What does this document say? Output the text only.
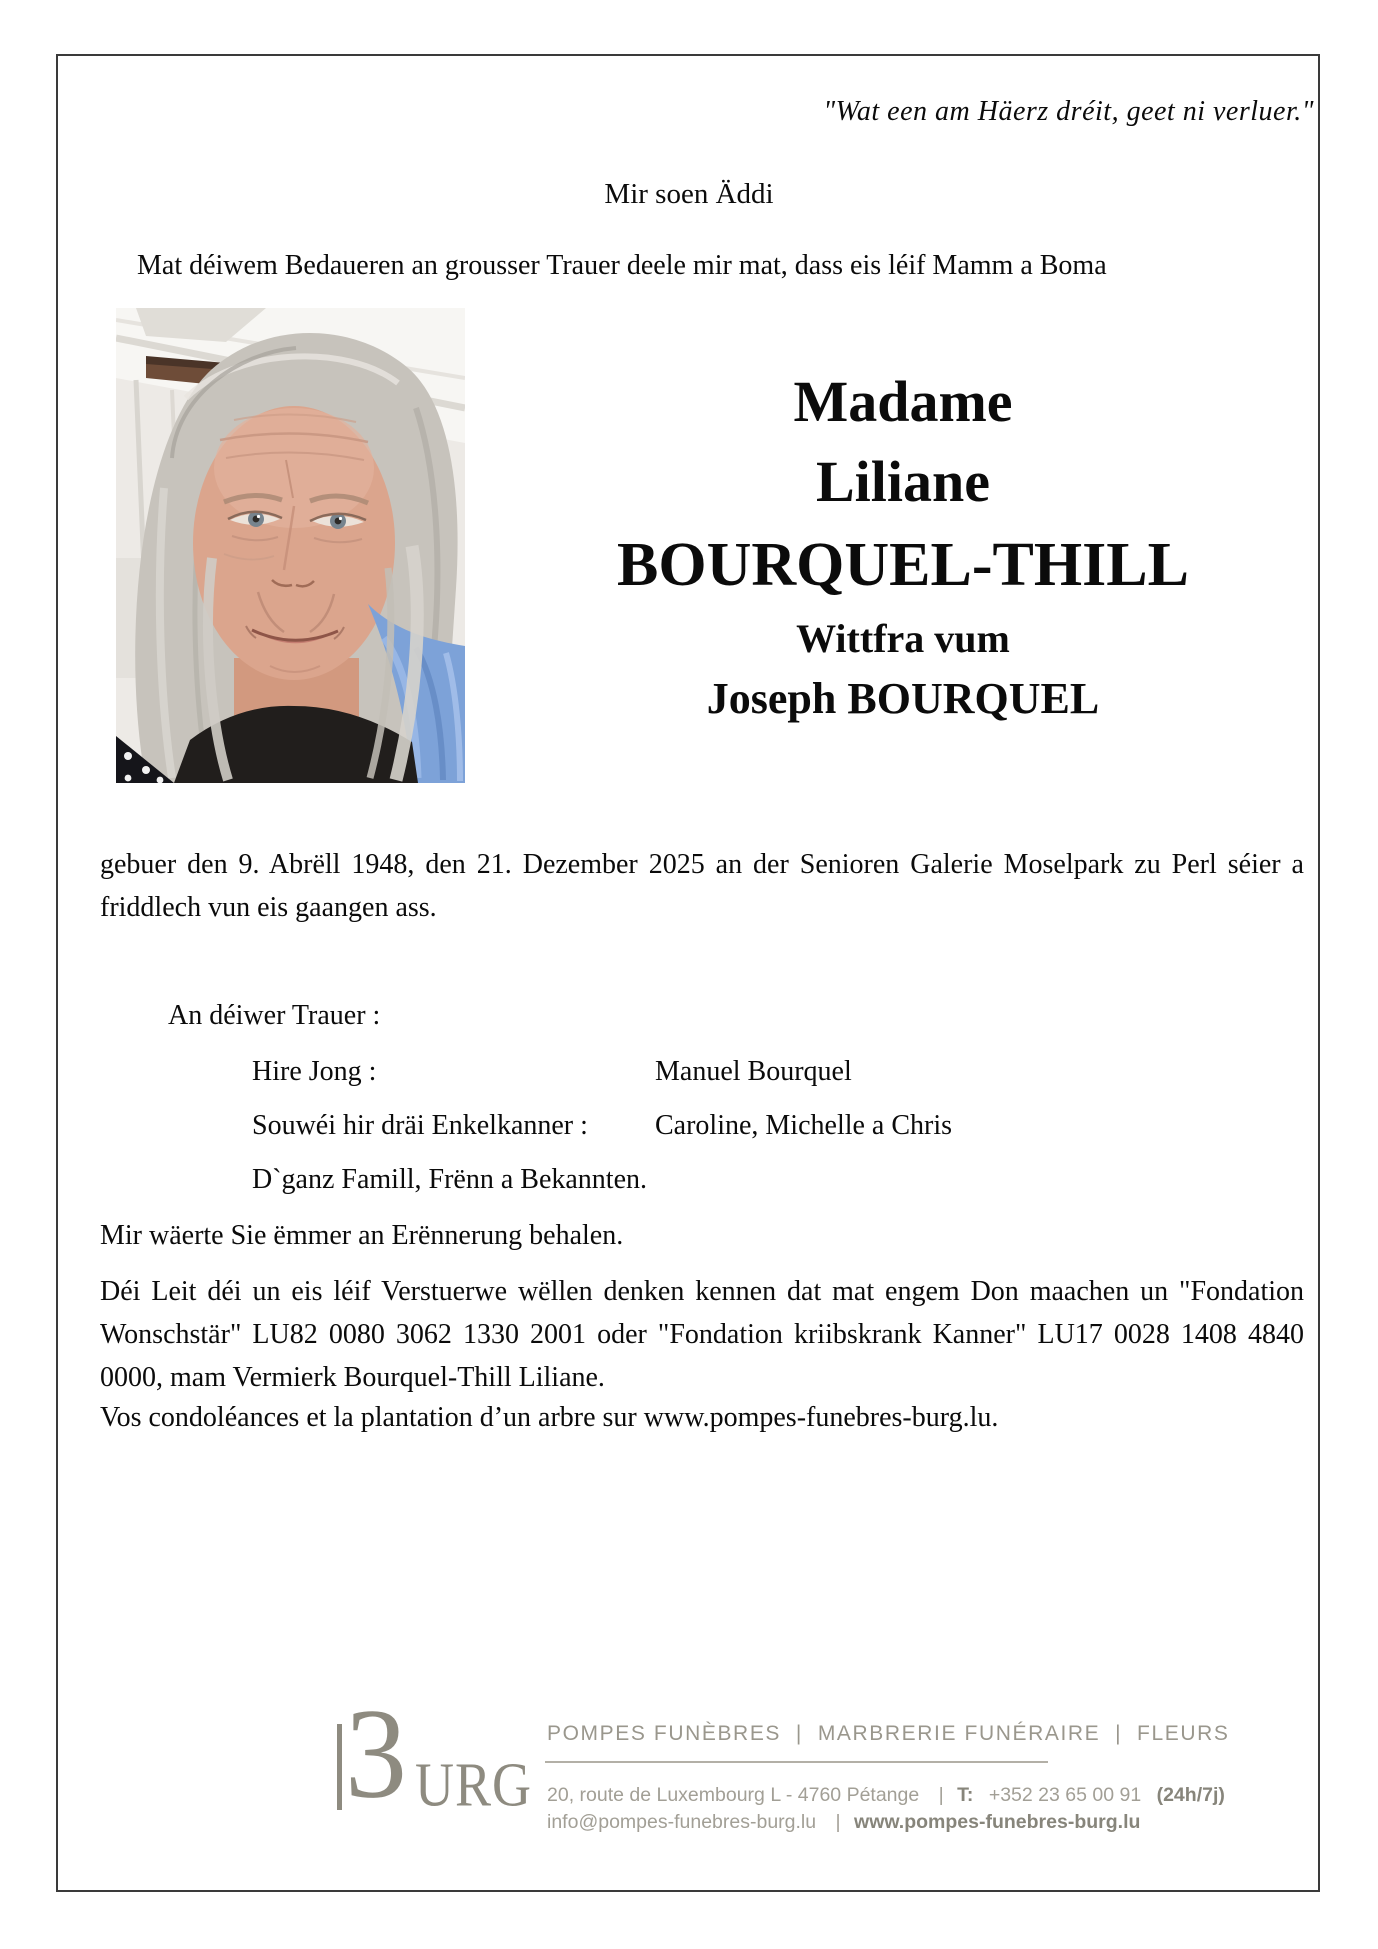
"Wat een am Häerz dréit, geet ni verluer."
Mir soen Äddi
Mat déiwem Bedaueren an grousser Trauer deele mir mat, dass eis léif Mamm a Boma
Madame
Liliane
BOURQUEL-THILL
Wittfra vum
Joseph BOURQUEL
gebuer den 9. Abrëll 1948, den 21. Dezember 2025 an der Senioren Galerie Moselpark zu Perl séier a friddlech vun eis gaangen ass.
An déiwer Trauer :
Hire Jong :	Manuel Bourquel
Souwéi hir dräi Enkelkanner : Caroline, Michelle a Chris
D`ganz Famill, Frënn a Bekannten.
Mir wäerte Sie ëmmer an Erënnerung behalen.
Déi Leit déi un eis léif Verstuerwe wëllen denken kennen dat mat engem Don maachen un "Fondation Wonschstär" LU82 0080 3062 1330 2001 oder "Fondation kriibskrank Kanner" LU17 0028 1408 4840 0000, mam Vermierk Bourquel-Thill Liliane.
Vos condoléances et la plantation d’un arbre sur www.pompes-funebres-burg.lu.
3 URG
POMPES FUNÈBRES  |  MARBRERIE FUNÉRAIRE  |  FLEURS
20, route de Luxembourg L - 4760 Pétange | T: +352 23 65 00 91 (24h/7j)
info@pompes-funebres-burg.lu | www.pompes-funebres-burg.lu
